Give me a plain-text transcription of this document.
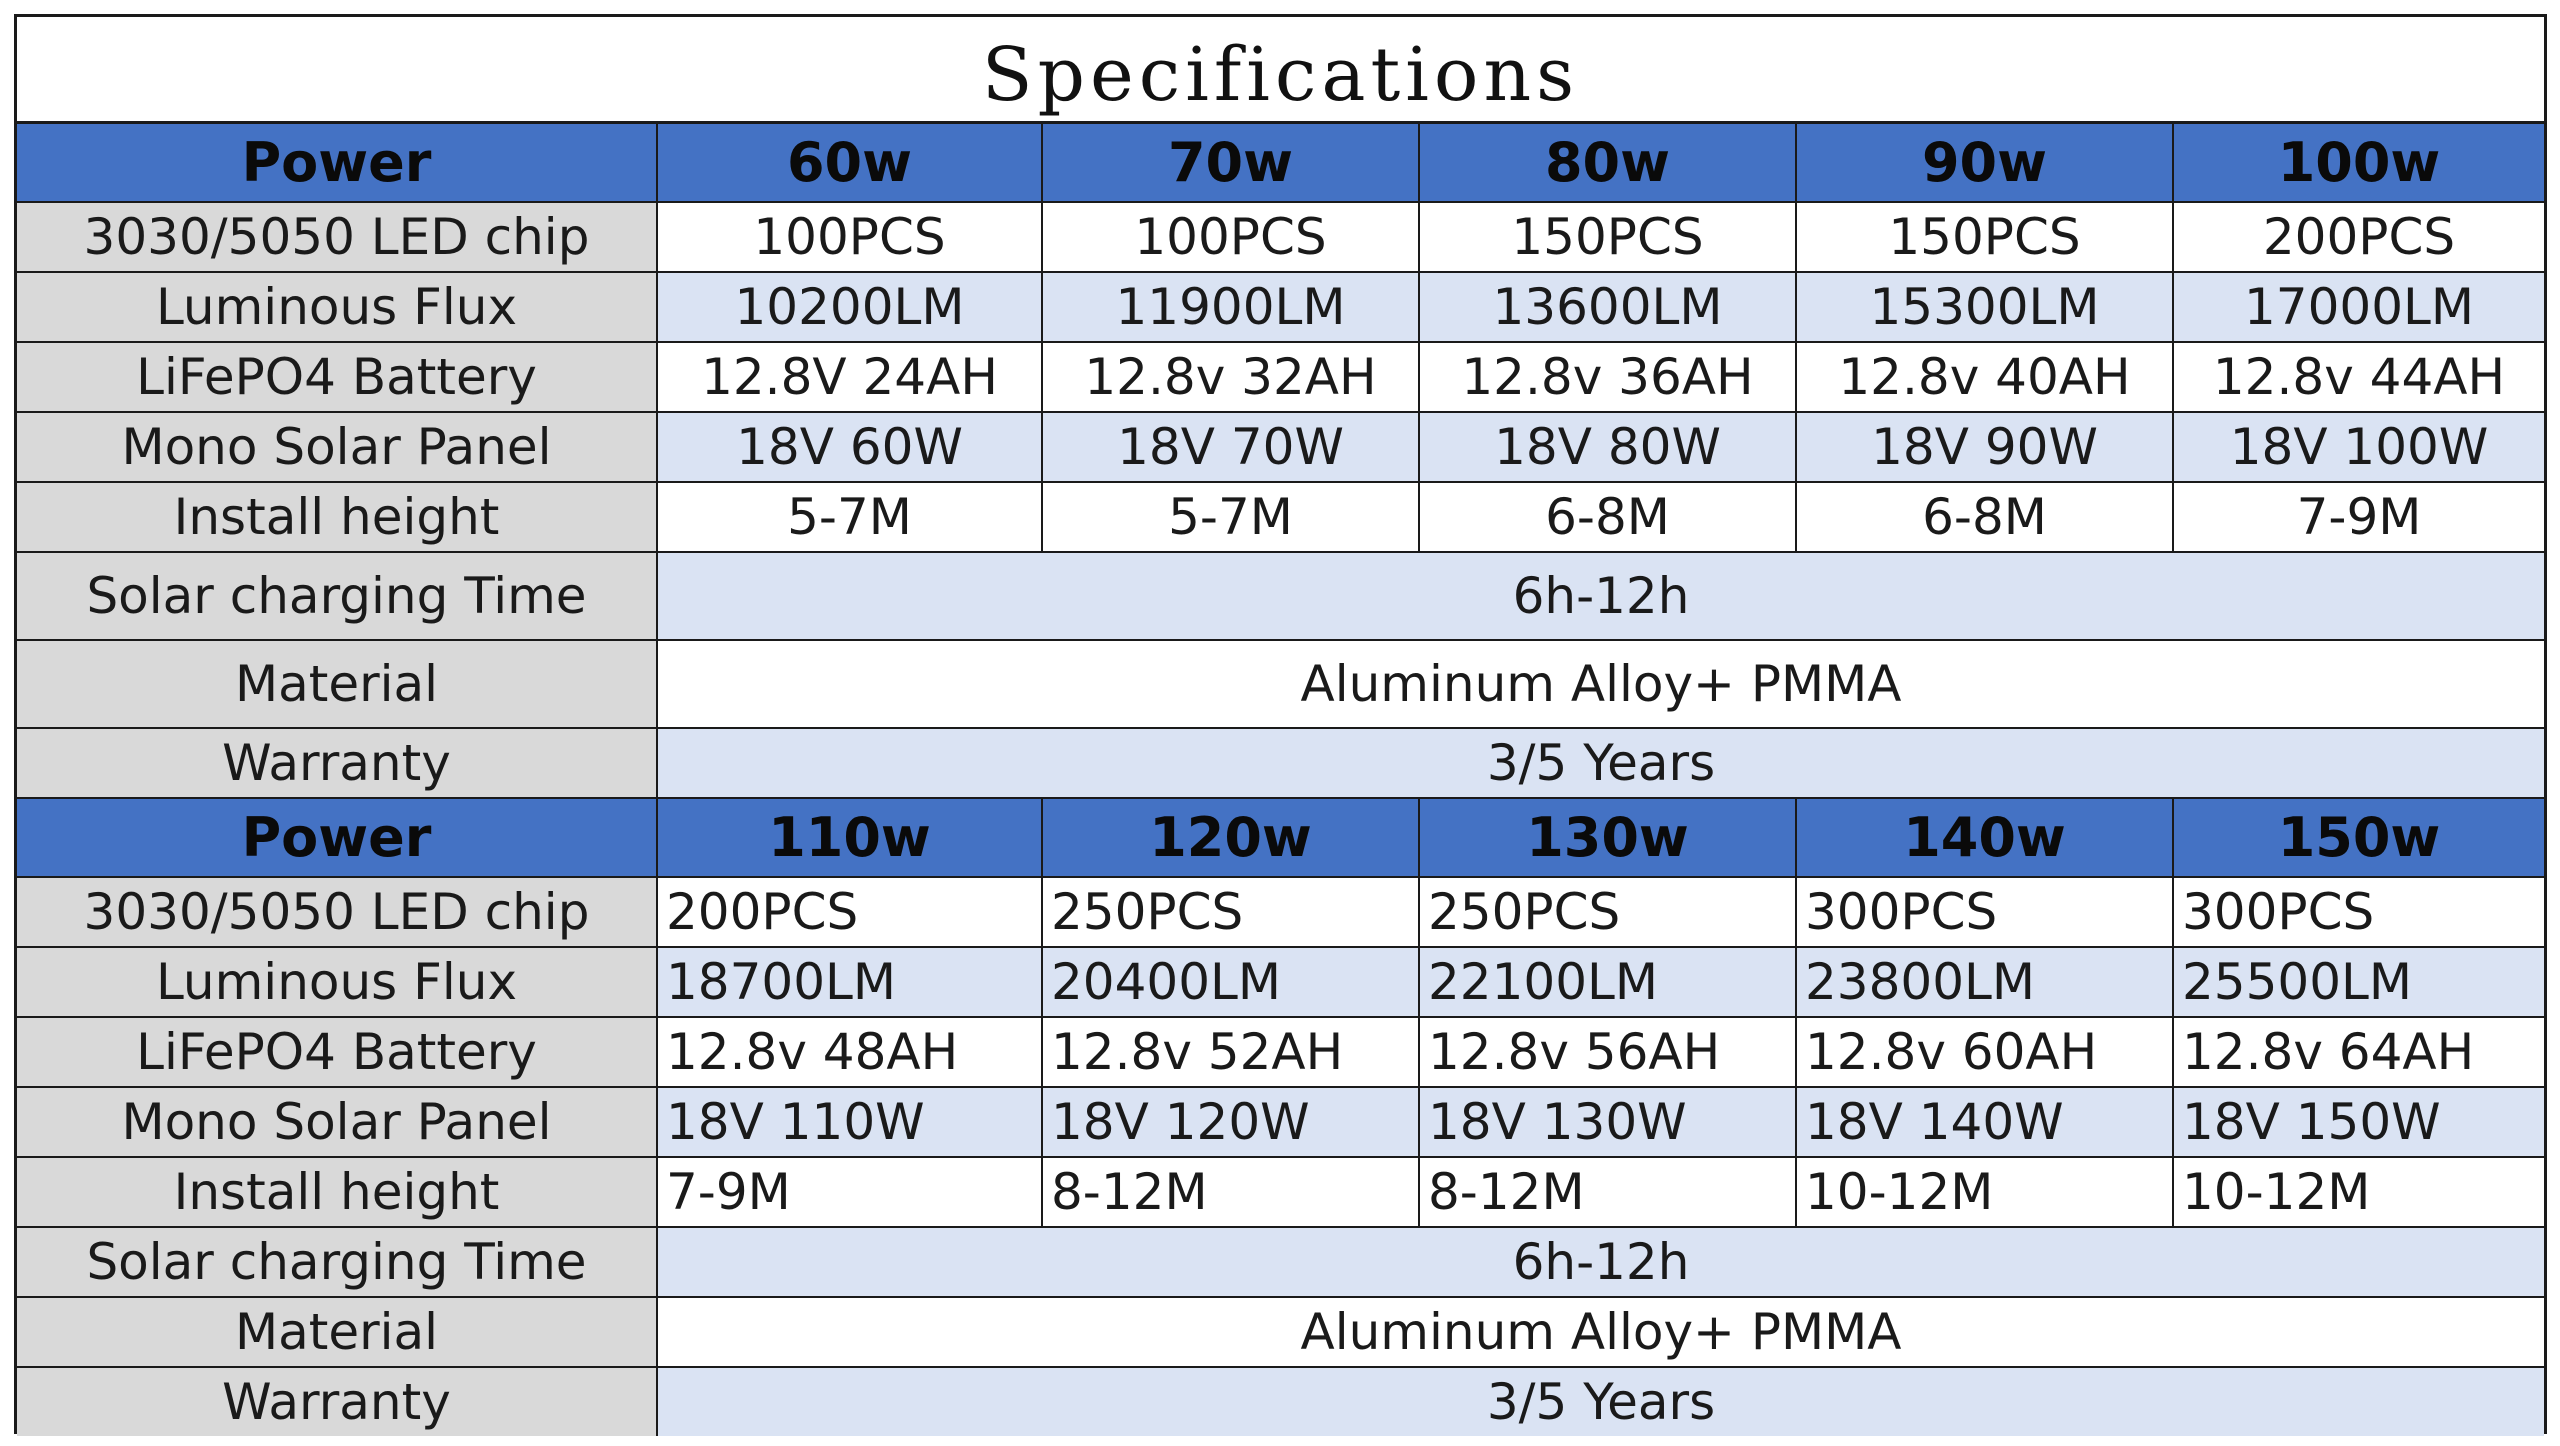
Specifications
Power	60w	70w	80w	90w	100w
3030/5050 LED chip	100PCS	100PCS	150PCS	150PCS	200PCS
Luminous Flux	10200LM	11900LM	13600LM	15300LM	17000LM
LiFePO4 Battery	12.8V 24AH	12.8v 32AH	12.8v 36AH	12.8v 40AH	12.8v 44AH
Mono Solar Panel	18V 60W	18V 70W	18V 80W	18V 90W	18V 100W
Install height	5-7M	5-7M	6-8M	6-8M	7-9M
Solar charging Time	6h-12h				
Material	Aluminum Alloy+ PMMA				
Warranty	3/5 Years				
Power	110w	120w	130w	140w	150w
3030/5050 LED chip	200PCS	250PCS	250PCS	300PCS	300PCS
Luminous Flux	18700LM	20400LM	22100LM	23800LM	25500LM
LiFePO4 Battery	12.8v 48AH	12.8v 52AH	12.8v 56AH	12.8v 60AH	12.8v 64AH
Mono Solar Panel	18V 110W	18V 120W	18V 130W	18V 140W	18V 150W
Install height	7-9M	8-12M	8-12M	10-12M	10-12M
Solar charging Time	6h-12h				
Material	Aluminum Alloy+ PMMA				
Warranty	3/5 Years				
